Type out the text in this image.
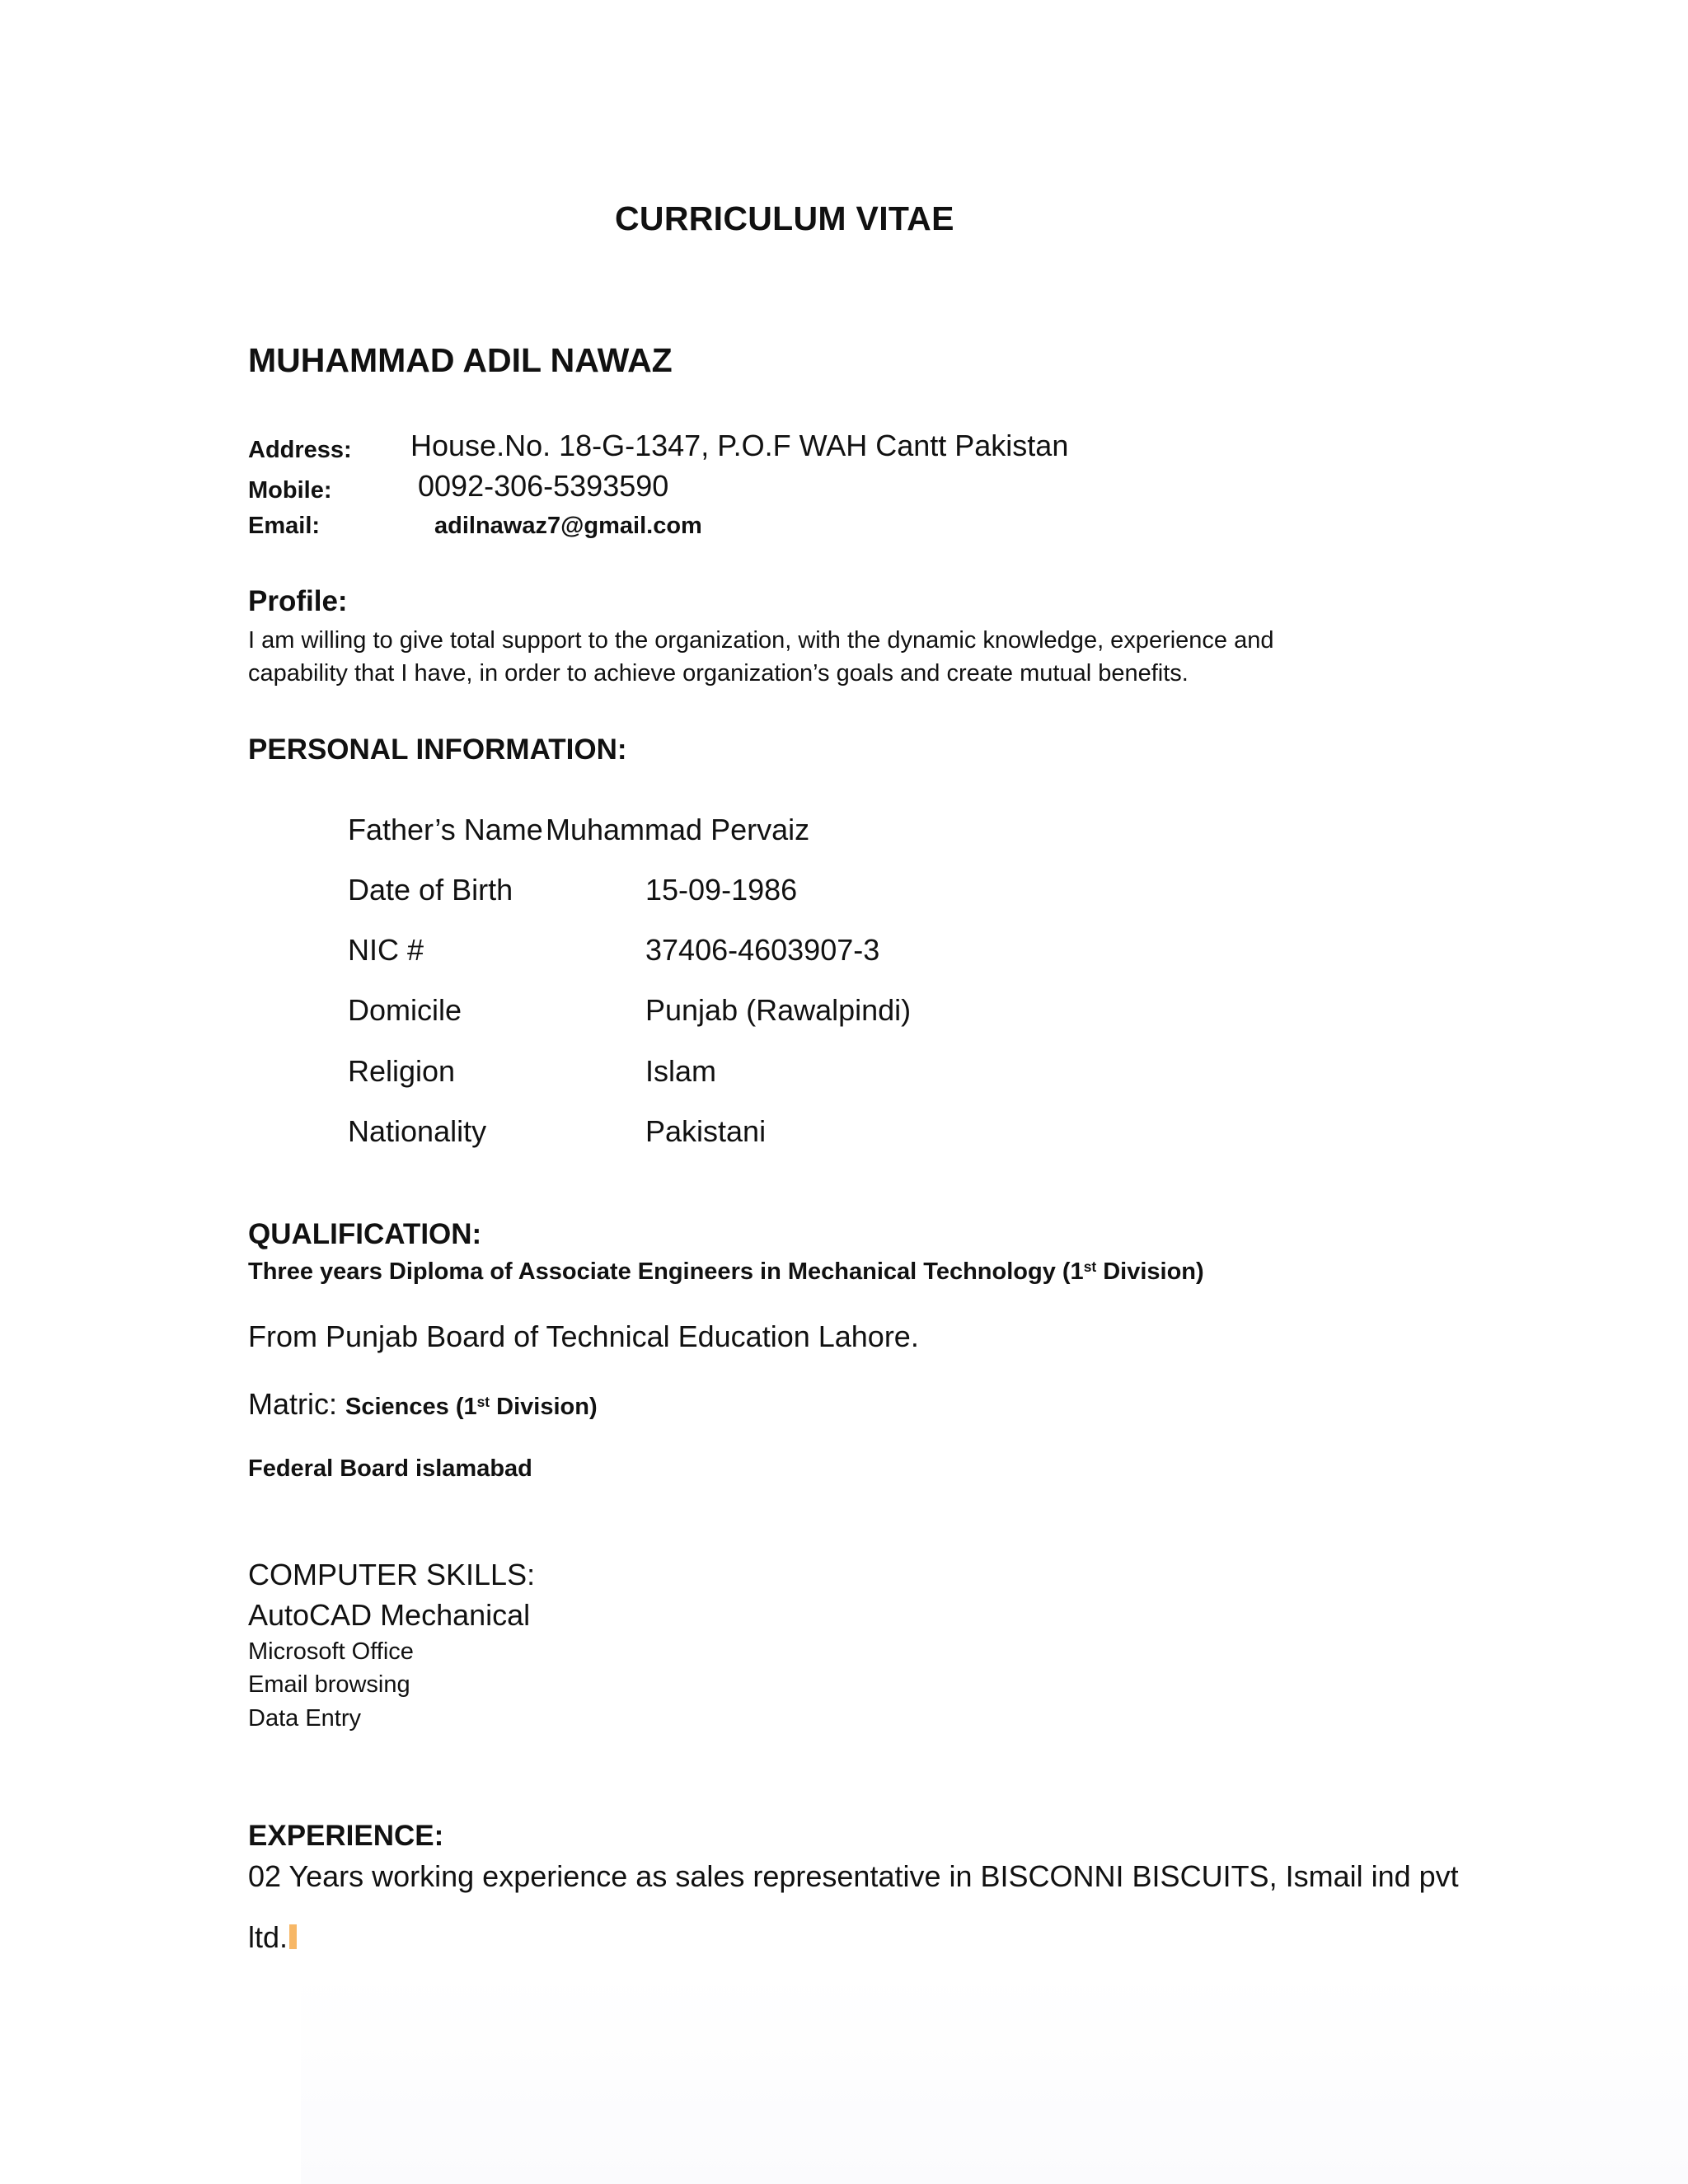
CURRICULUM VITAE
MUHAMMAD ADIL NAWAZ
Address: House.No. 18-G-1347, P.O.F WAH Cantt Pakistan
Mobile:	0092-306-5393590
Email:	adilnawaz7@gmail.com
Profile:
I am willing to give total support to the organization, with the dynamic knowledge, experience and
capability that I have, in order to achieve organization’s goals and create mutual benefits.
PERSONAL INFORMATION:
Father’s Name Muhammad Pervaiz
Date of Birth	15-09-1986
NIC #	37406-4603907-3
Domicile	Punjab (Rawalpindi)
Religion	Islam
Nationality	Pakistani
QUALIFICATION:
Three years Diploma of Associate Engineers in Mechanical Technology (1st Division)
From Punjab Board of Technical Education Lahore.
Matric: Sciences (1st Division)
Federal Board islamabad
COMPUTER SKILLS:
AutoCAD Mechanical
Microsoft Office
Email browsing
Data Entry
EXPERIENCE:
02 Years working experience as sales representative in BISCONNI BISCUITS, Ismail ind pvt
ltd.
